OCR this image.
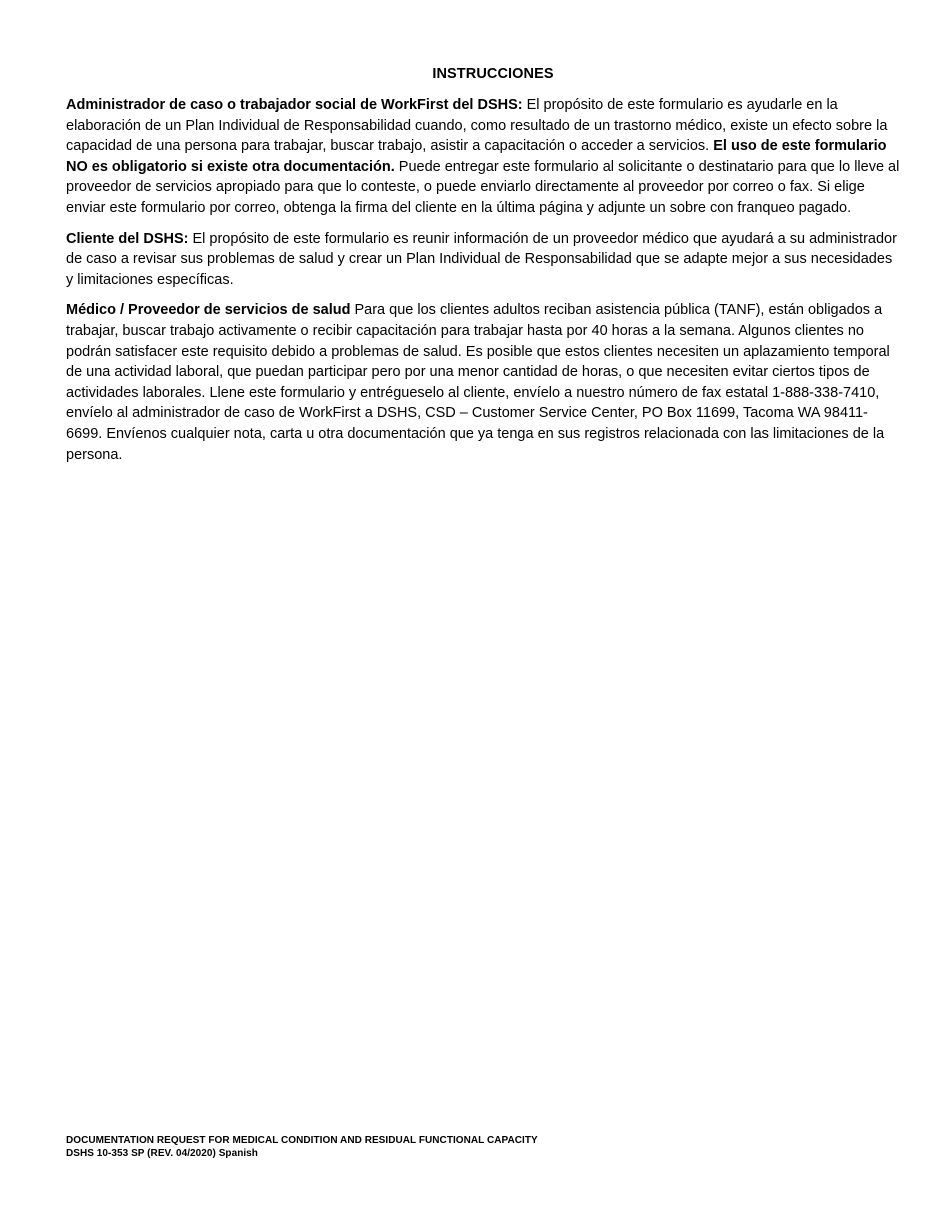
INSTRUCCIONES

Administrador de caso o trabajador social de WorkFirst del DSHS: El propósito de este formulario es ayudarle en la elaboración de un Plan Individual de Responsabilidad cuando, como resultado de un trastorno médico, existe un efecto sobre la capacidad de una persona para trabajar, buscar trabajo, asistir a capacitación o acceder a servicios. El uso de este formulario NO es obligatorio si existe otra documentación. Puede entregar este formulario al solicitante o destinatario para que lo lleve al proveedor de servicios apropiado para que lo conteste, o puede enviarlo directamente al proveedor por correo o fax. Si elige enviar este formulario por correo, obtenga la firma del cliente en la última página y adjunte un sobre con franqueo pagado.

Cliente del DSHS: El propósito de este formulario es reunir información de un proveedor médico que ayudará a su administrador de caso a revisar sus problemas de salud y crear un Plan Individual de Responsabilidad que se adapte mejor a sus necesidades y limitaciones específicas.

Médico / Proveedor de servicios de salud Para que los clientes adultos reciban asistencia pública (TANF), están obligados a trabajar, buscar trabajo activamente o recibir capacitación para trabajar hasta por 40 horas a la semana. Algunos clientes no podrán satisfacer este requisito debido a problemas de salud. Es posible que estos clientes necesiten un aplazamiento temporal de una actividad laboral, que puedan participar pero por una menor cantidad de horas, o que necesiten evitar ciertos tipos de actividades laborales. Llene este formulario y entrégueselo al cliente, envíelo a nuestro número de fax estatal 1-888-338-7410, envíelo al administrador de caso de WorkFirst a DSHS, CSD – Customer Service Center, PO Box 11699, Tacoma WA 98411-6699. Envíenos cualquier nota, carta u otra documentación que ya tenga en sus registros relacionada con las limitaciones de la persona.

DOCUMENTATION REQUEST FOR MEDICAL CONDITION AND RESIDUAL FUNCTIONAL CAPACITY
DSHS 10-353 SP (REV. 04/2020) Spanish
